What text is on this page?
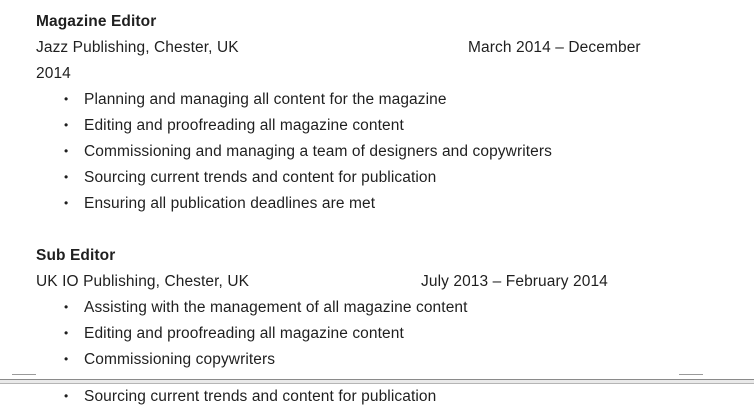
Magazine Editor
Jazz Publishing, Chester, UK	March 2014 – December
2014
• Planning and managing all content for the magazine
• Editing and proofreading all magazine content
• Commissioning and managing a team of designers and copywriters
• Sourcing current trends and content for publication
• Ensuring all publication deadlines are met
Sub Editor
UK IO Publishing, Chester, UK	July 2013 – February 2014
• Assisting with the management of all magazine content
• Editing and proofreading all magazine content
• Commissioning copywriters
• Sourcing current trends and content for publication
